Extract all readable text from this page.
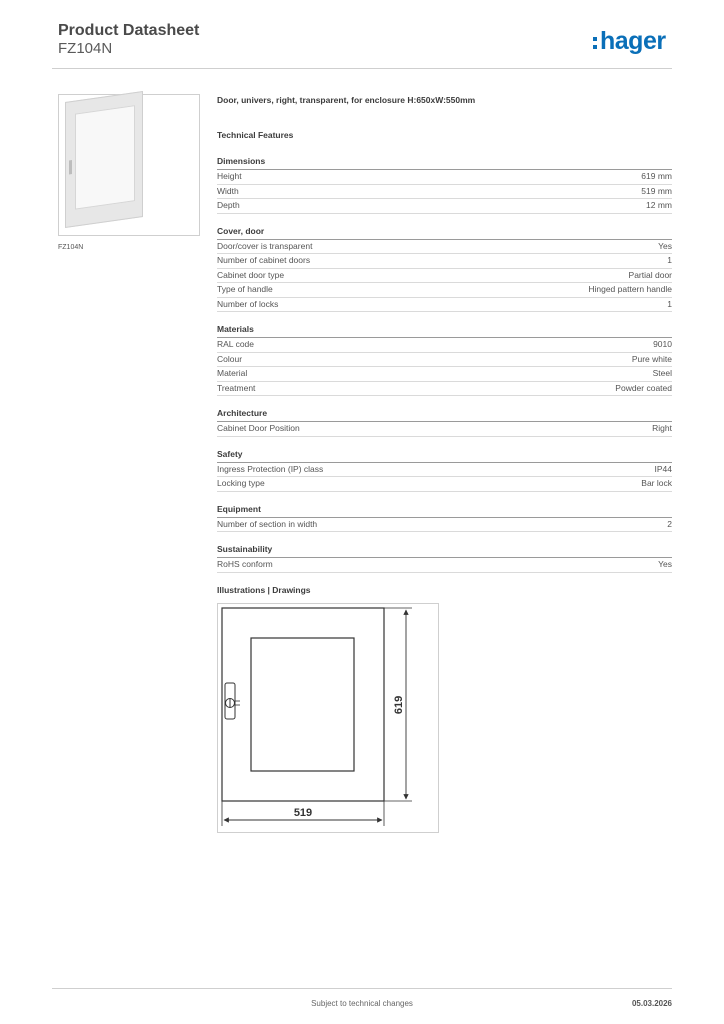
Product Datasheet
FZ104N	hager
FZ104N
Door, univers, right, transparent, for enclosure H:650xW:550mm
Technical Features
Dimensions
Height	619 mm
Width	519 mm
Depth	12 mm
Cover, door
Door/cover is transparent	Yes
Number of cabinet doors	1
Cabinet door type	Partial door
Type of handle	Hinged pattern handle
Number of locks	1
Materials
RAL code	9010
Colour	Pure white
Material	Steel
Treatment	Powder coated
Architecture
Cabinet Door Position	Right
Safety
Ingress Protection (IP) class	IP44
Locking type	Bar lock
Equipment
Number of section in width	2
Sustainability
RoHS conform	Yes
Illustrations | Drawings
619
519
Subject to technical changes	05.03.2026
